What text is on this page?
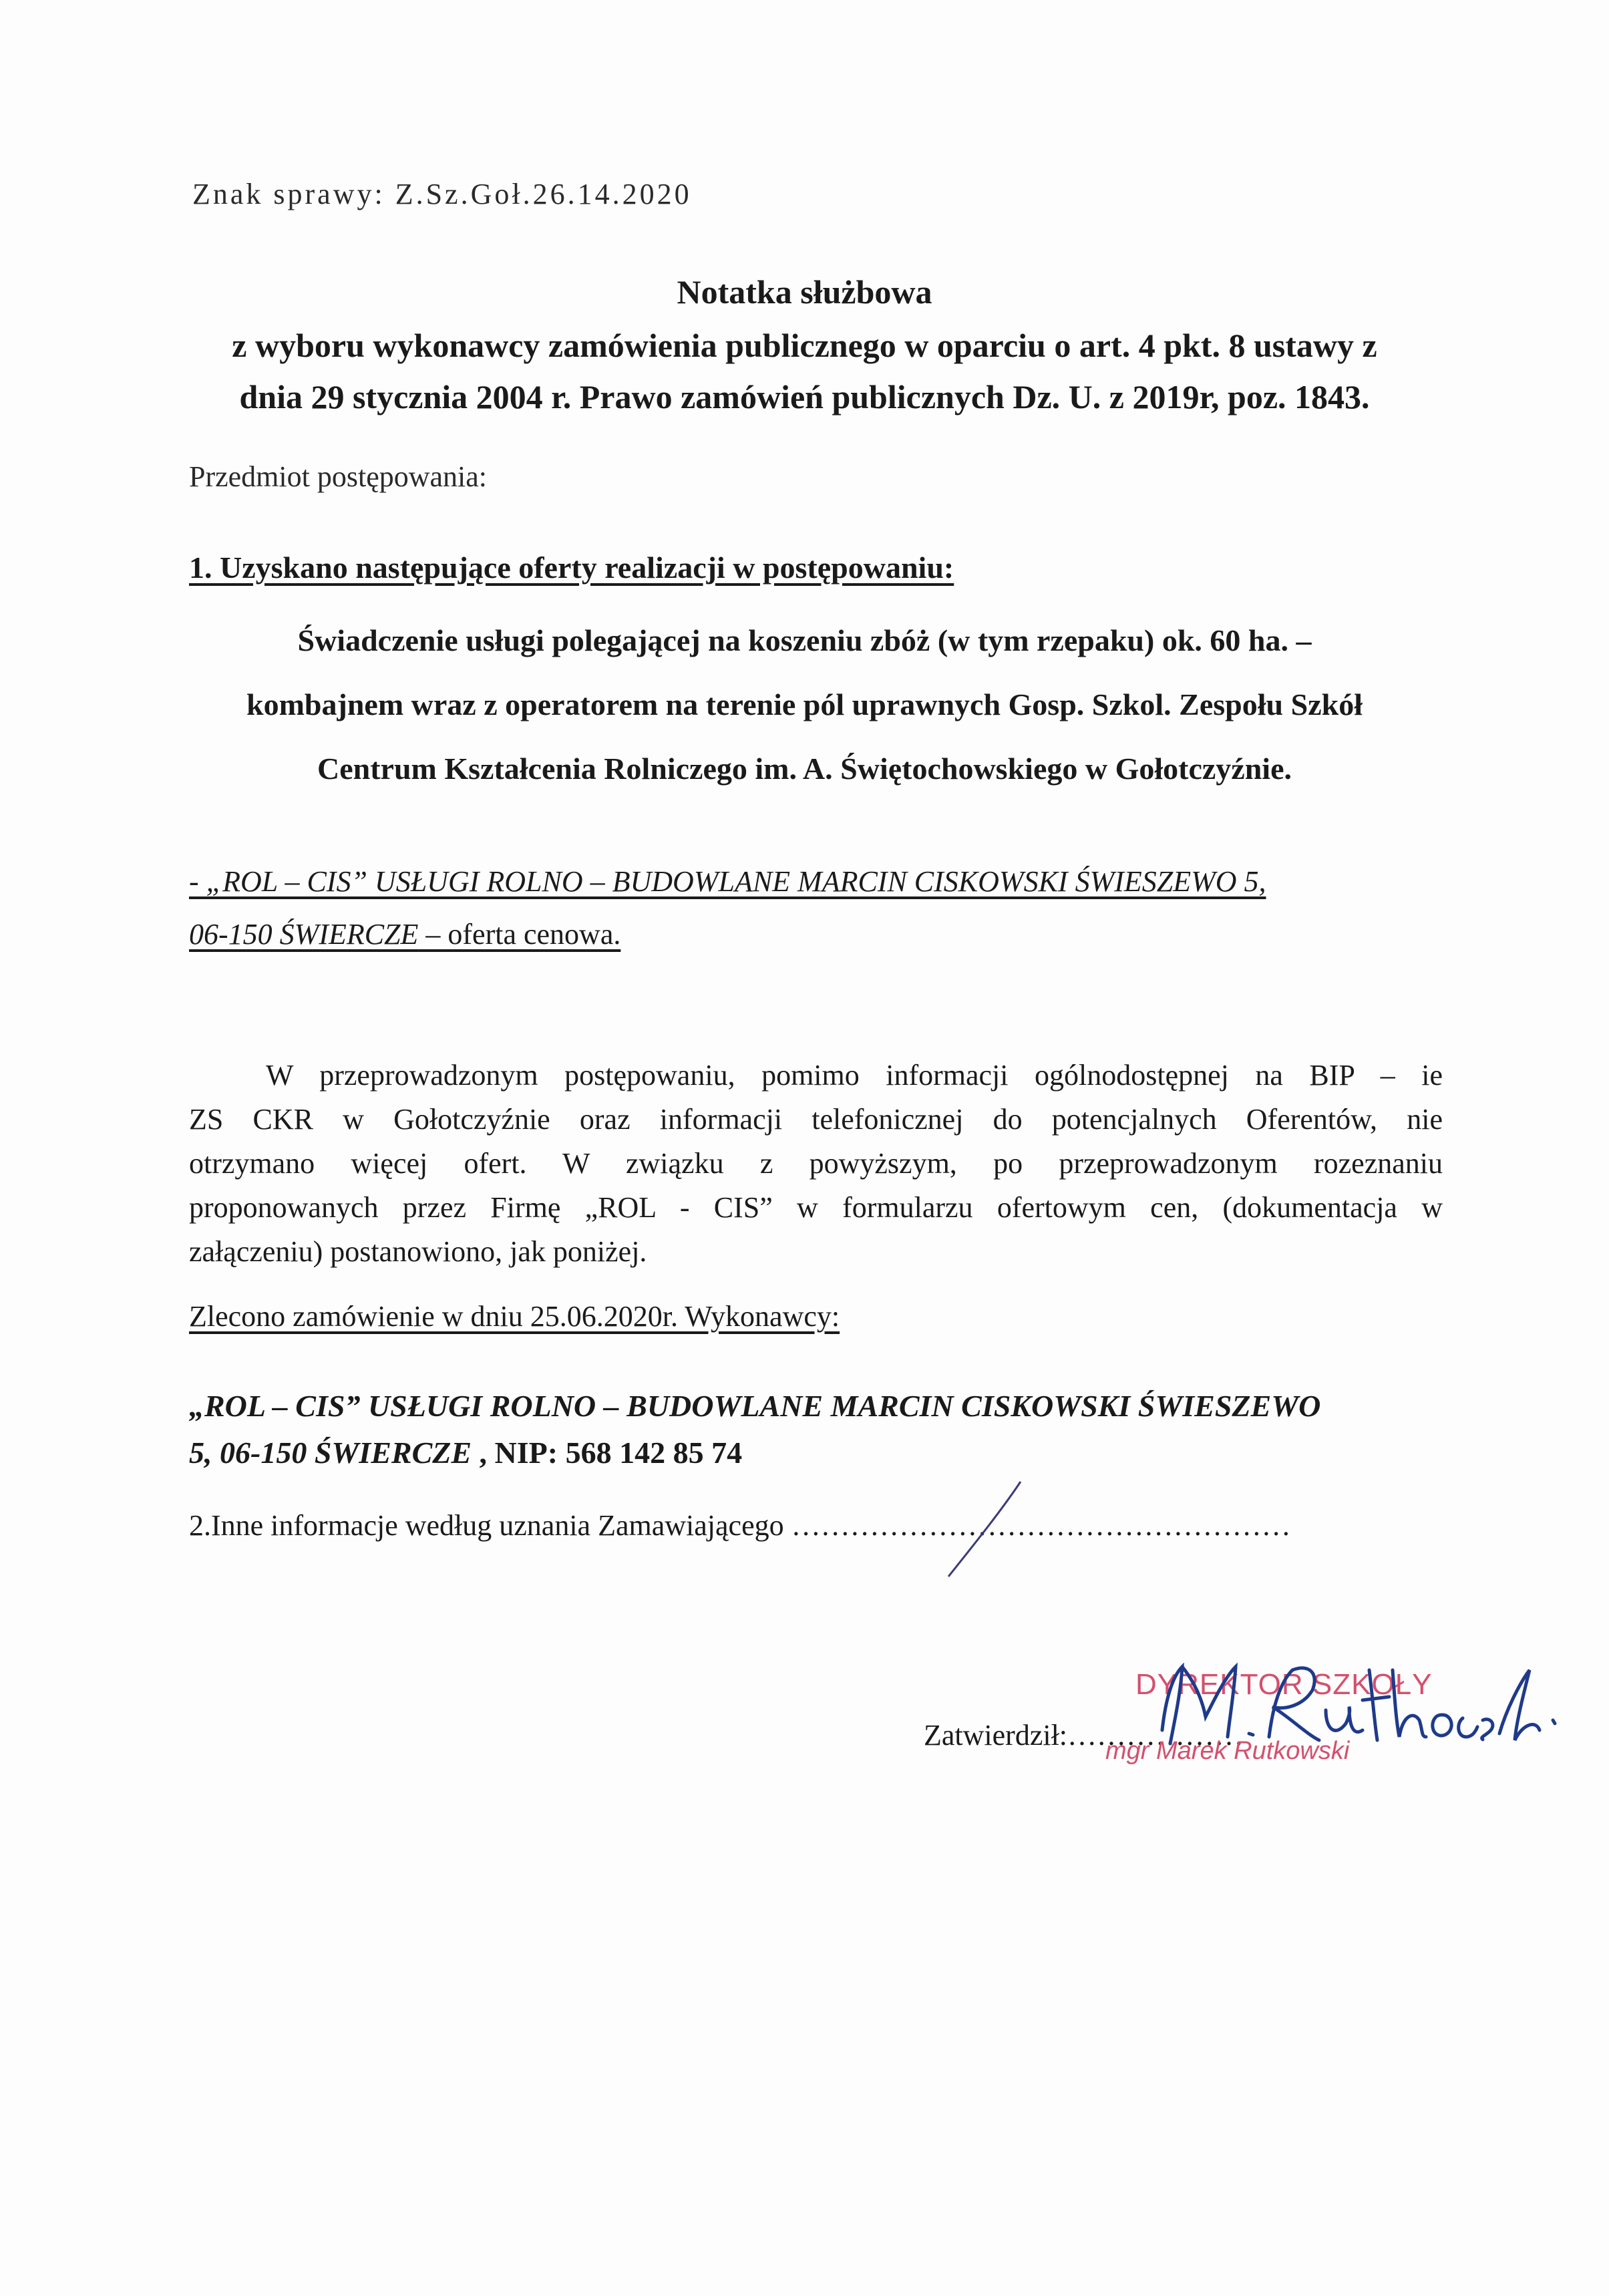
Znak sprawy: Z.Sz.Goł.26.14.2020
Notatka służbowa
z wyboru wykonawcy zamówienia publicznego w oparciu o art. 4 pkt. 8 ustawy z
dnia 29 stycznia 2004 r. Prawo zamówień publicznych Dz. U. z 2019r, poz. 1843.
Przedmiot postępowania:
1. Uzyskano następujące oferty realizacji w postępowaniu:
Świadczenie usługi polegającej na koszeniu zbóż (w tym rzepaku) ok. 60 ha. –
kombajnem wraz z operatorem na terenie pól uprawnych Gosp. Szkol. Zespołu Szkół
Centrum Kształcenia Rolniczego im. A. Świętochowskiego w Gołotczyźnie.
- „ROL – CIS” USŁUGI ROLNO – BUDOWLANE MARCIN CISKOWSKI ŚWIESZEWO 5,
06-150 ŚWIERCZE – oferta cenowa.

W przeprowadzonym postępowaniu, pomimo informacji ogólnodostępnej na BIP – ie

ZS CKR w Gołotczyźnie oraz informacji telefonicznej do potencjalnych Oferentów, nie

otrzymano więcej ofert. W związku z powyższym, po przeprowadzonym rozeznaniu

proponowanych przez Firmę „ROL - CIS” w formularzu ofertowym cen, (dokumentacja w

załączeniu) postanowiono, jak poniżej.

Zlecono zamówienie w dniu 25.06.2020r. Wykonawcy:
„ROL – CIS” USŁUGI ROLNO – BUDOWLANE MARCIN CISKOWSKI ŚWIESZEWO
5, 06-150 ŚWIERCZE , NIP: 568 142 85 74
2.Inne informacje według uznania Zamawiającego ……………………………………………
Zatwierdził:………………
DYREKTOR SZKOŁY
mgr Marek Rutkowski
